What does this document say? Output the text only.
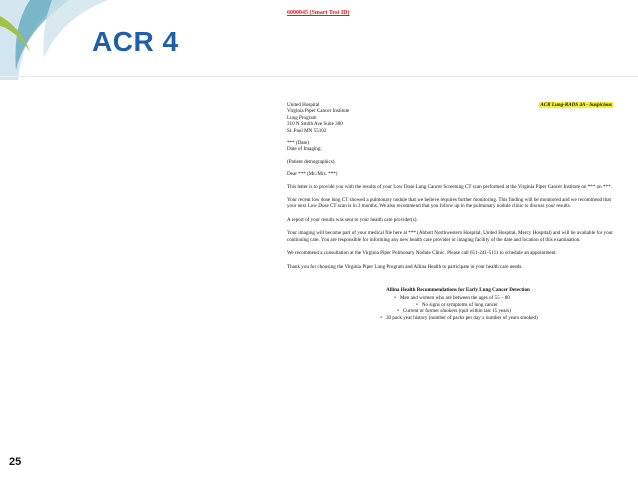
ACR 4
25
6000045 (Smart Test ID)
United Hospital
Virginia Piper Cancer Institute
Lung Program
310 N Smith Ave Suite 300
St. Paul MN 55102
ACR Lung-RADS 4A - Suspicious
*** (Date)
Date of Imaging:
(Patient demographics)
Dear *** (Mr./Mrs. ***)

This letter is to provide you with the results of your Low Dose Lung Cancer Screening CT scan performed at the Virginia Piper Cancer Institute on *** on ***.

Your recent low dose lung CT showed a pulmonary nodule that we believe requires further monitoring. This finding will be monitored and we recommend that your next Low Dose CT scan is in 3 months. We also recommend that you follow up in the pulmonary nodule clinic to discuss your results.

A report of your results was sent to your health care provider(s).

Your imaging will become part of your medical file here at *** (Abbott Northwestern Hospital, United Hospital, Mercy Hospital) and will be available for your continuing care. You are responsible for informing any new health care provider or imaging facility of the date and location of this examination.

We recommend a consultation at the Virginia Piper Pulmonary Nodule Clinic. Please call 651-241-5111 to schedule an appointment.

Thank you for choosing the Virginia Piper Lung Program and Allina Health to participate in your health care needs.

Allina Health Recommendations for Early Lung Cancer Detection
• Men and women who are between the ages of 55 – 80
• No signs or symptoms of lung cancer
• Current or former smokers (quit within last 15 years)
• 30 pack year history (number of packs per day x number of years smoked)
